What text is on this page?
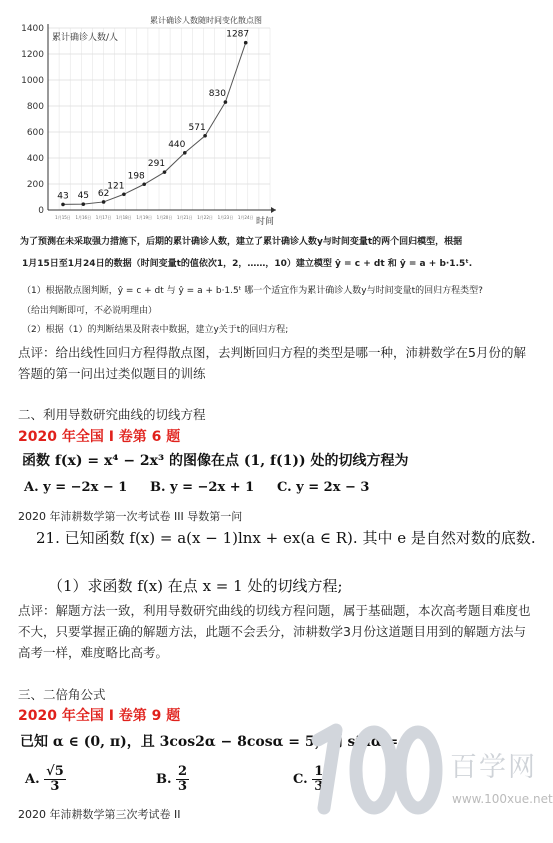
累计确诊人数随时间变化散点图
0
200
400
600
800
1000
1200
1400
累计确诊人数/人
时间
43
1月15日
45
1月16日
62
1月17日
121
1月18日
198
1月19日
291
1月20日
440
1月21日
571
1月22日
830
1月23日
1287
1月24日
为了预测在未采取强力措施下，后期的累计确诊人数，建立了累计确诊人数y与时间变量t的两个回归模型，根据
1月15日至1月24日的数据（时间变量t的值依次1，2，……，10）建立模型 ŷ = c + dt 和 ŷ = a + b·1.5ᵗ.
（1）根据散点图判断，ŷ = c + dt 与 ŷ = a + b·1.5ᵗ 哪一个适宜作为累计确诊人数y与时间变量t的回归方程类型?
（给出判断即可，不必说明理由）
（2）根据（1）的判断结果及附表中数据，建立y关于t的回归方程;
点评：给出线性回归方程得散点图，去判断回归方程的类型是哪一种，沛耕数学在5月份的解答题的第一问出过类似题目的训练
二、利用导数研究曲线的切线方程
2020 年全国 I 卷第 6 题
函数 f(x) = x⁴ − 2x³ 的图像在点 (1, f(1)) 处的切线方程为
A. y = −2x − 1 B. y = −2x + 1 C. y = 2x − 3
2020 年沛耕数学第一次考试卷 III 导数第一问
21. 已知函数 f(x) = a(x − 1)lnx + ex(a ∈ R). 其中 e 是自然对数的底数.
（1）求函数 f(x) 在点 x = 1 处的切线方程;
点评：解题方法一致，利用导数研究曲线的切线方程问题，属于基础题，本次高考题目难度也不大，只要掌握正确的解题方法，此题不会丢分，沛耕数学3月份这道题目用到的解题方法与高考一样，难度略比高考。
三、二倍角公式
2020 年全国 I 卷第 9 题
已知 α ∈ (0, π)，且 3cos2α − 8cosα = 5，则 sinα =
A. $\frac{√5}{3}$	B. $\frac{2}{3}$	C. $\frac{1}{3}$
2020 年沛耕数学第三次考试卷 II
百学网
www.100xue.net
